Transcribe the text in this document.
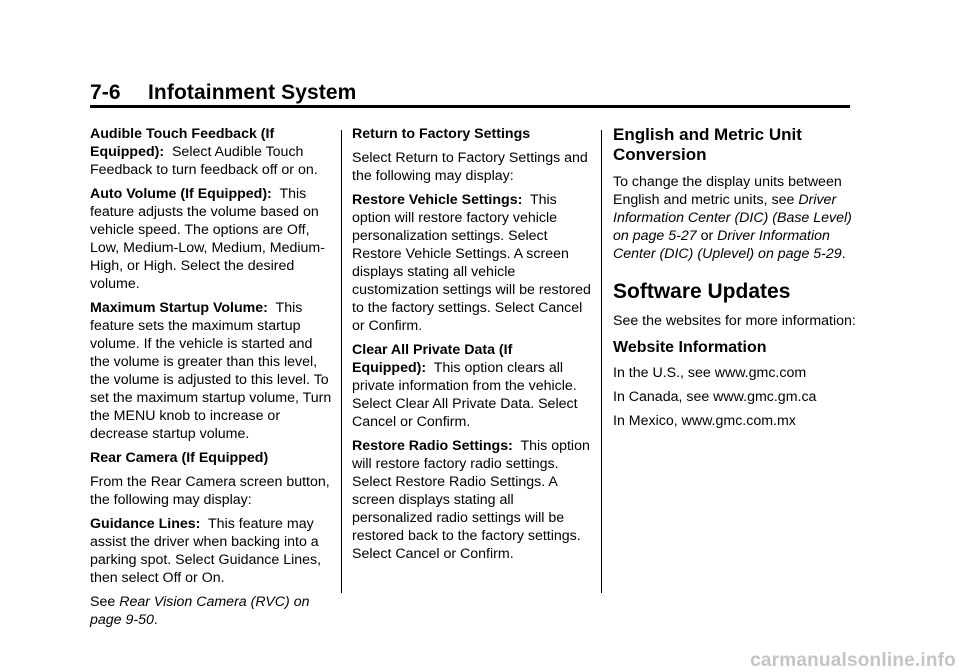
7-6 Infotainment System

Audible Touch Feedback (If Equipped): Select Audible Touch Feedback to turn feedback off or on.

Auto Volume (If Equipped): This feature adjusts the volume based on vehicle speed. The options are Off, Low, Medium-Low, Medium, Medium-High, or High. Select the desired volume.

Maximum Startup Volume: This feature sets the maximum startup volume. If the vehicle is started and the volume is greater than this level, the volume is adjusted to this level. To set the maximum startup volume, Turn the MENU knob to increase or decrease startup volume.

Rear Camera (If Equipped)

From the Rear Camera screen button, the following may display:

Guidance Lines: This feature may assist the driver when backing into a parking spot. Select Guidance Lines, then select Off or On.

See Rear Vision Camera (RVC) on page 9-50.

Return to Factory Settings

Select Return to Factory Settings and the following may display:

Restore Vehicle Settings: This option will restore factory vehicle personalization settings. Select Restore Vehicle Settings. A screen displays stating all vehicle customization settings will be restored to the factory settings. Select Cancel or Confirm.

Clear All Private Data (If Equipped): This option clears all private information from the vehicle. Select Clear All Private Data. Select Cancel or Confirm.

Restore Radio Settings: This option will restore factory radio settings. Select Restore Radio Settings. A screen displays stating all personalized radio settings will be restored back to the factory settings. Select Cancel or Confirm.

English and Metric Unit Conversion

To change the display units between English and metric units, see Driver Information Center (DIC) (Base Level) on page 5-27 or Driver Information Center (DIC) (Uplevel) on page 5-29.

Software Updates

See the websites for more information:

Website Information

In the U.S., see www.gmc.com

In Canada, see www.gmc.gm.ca

In Mexico, www.gmc.com.mx

carmanualsonline.info
